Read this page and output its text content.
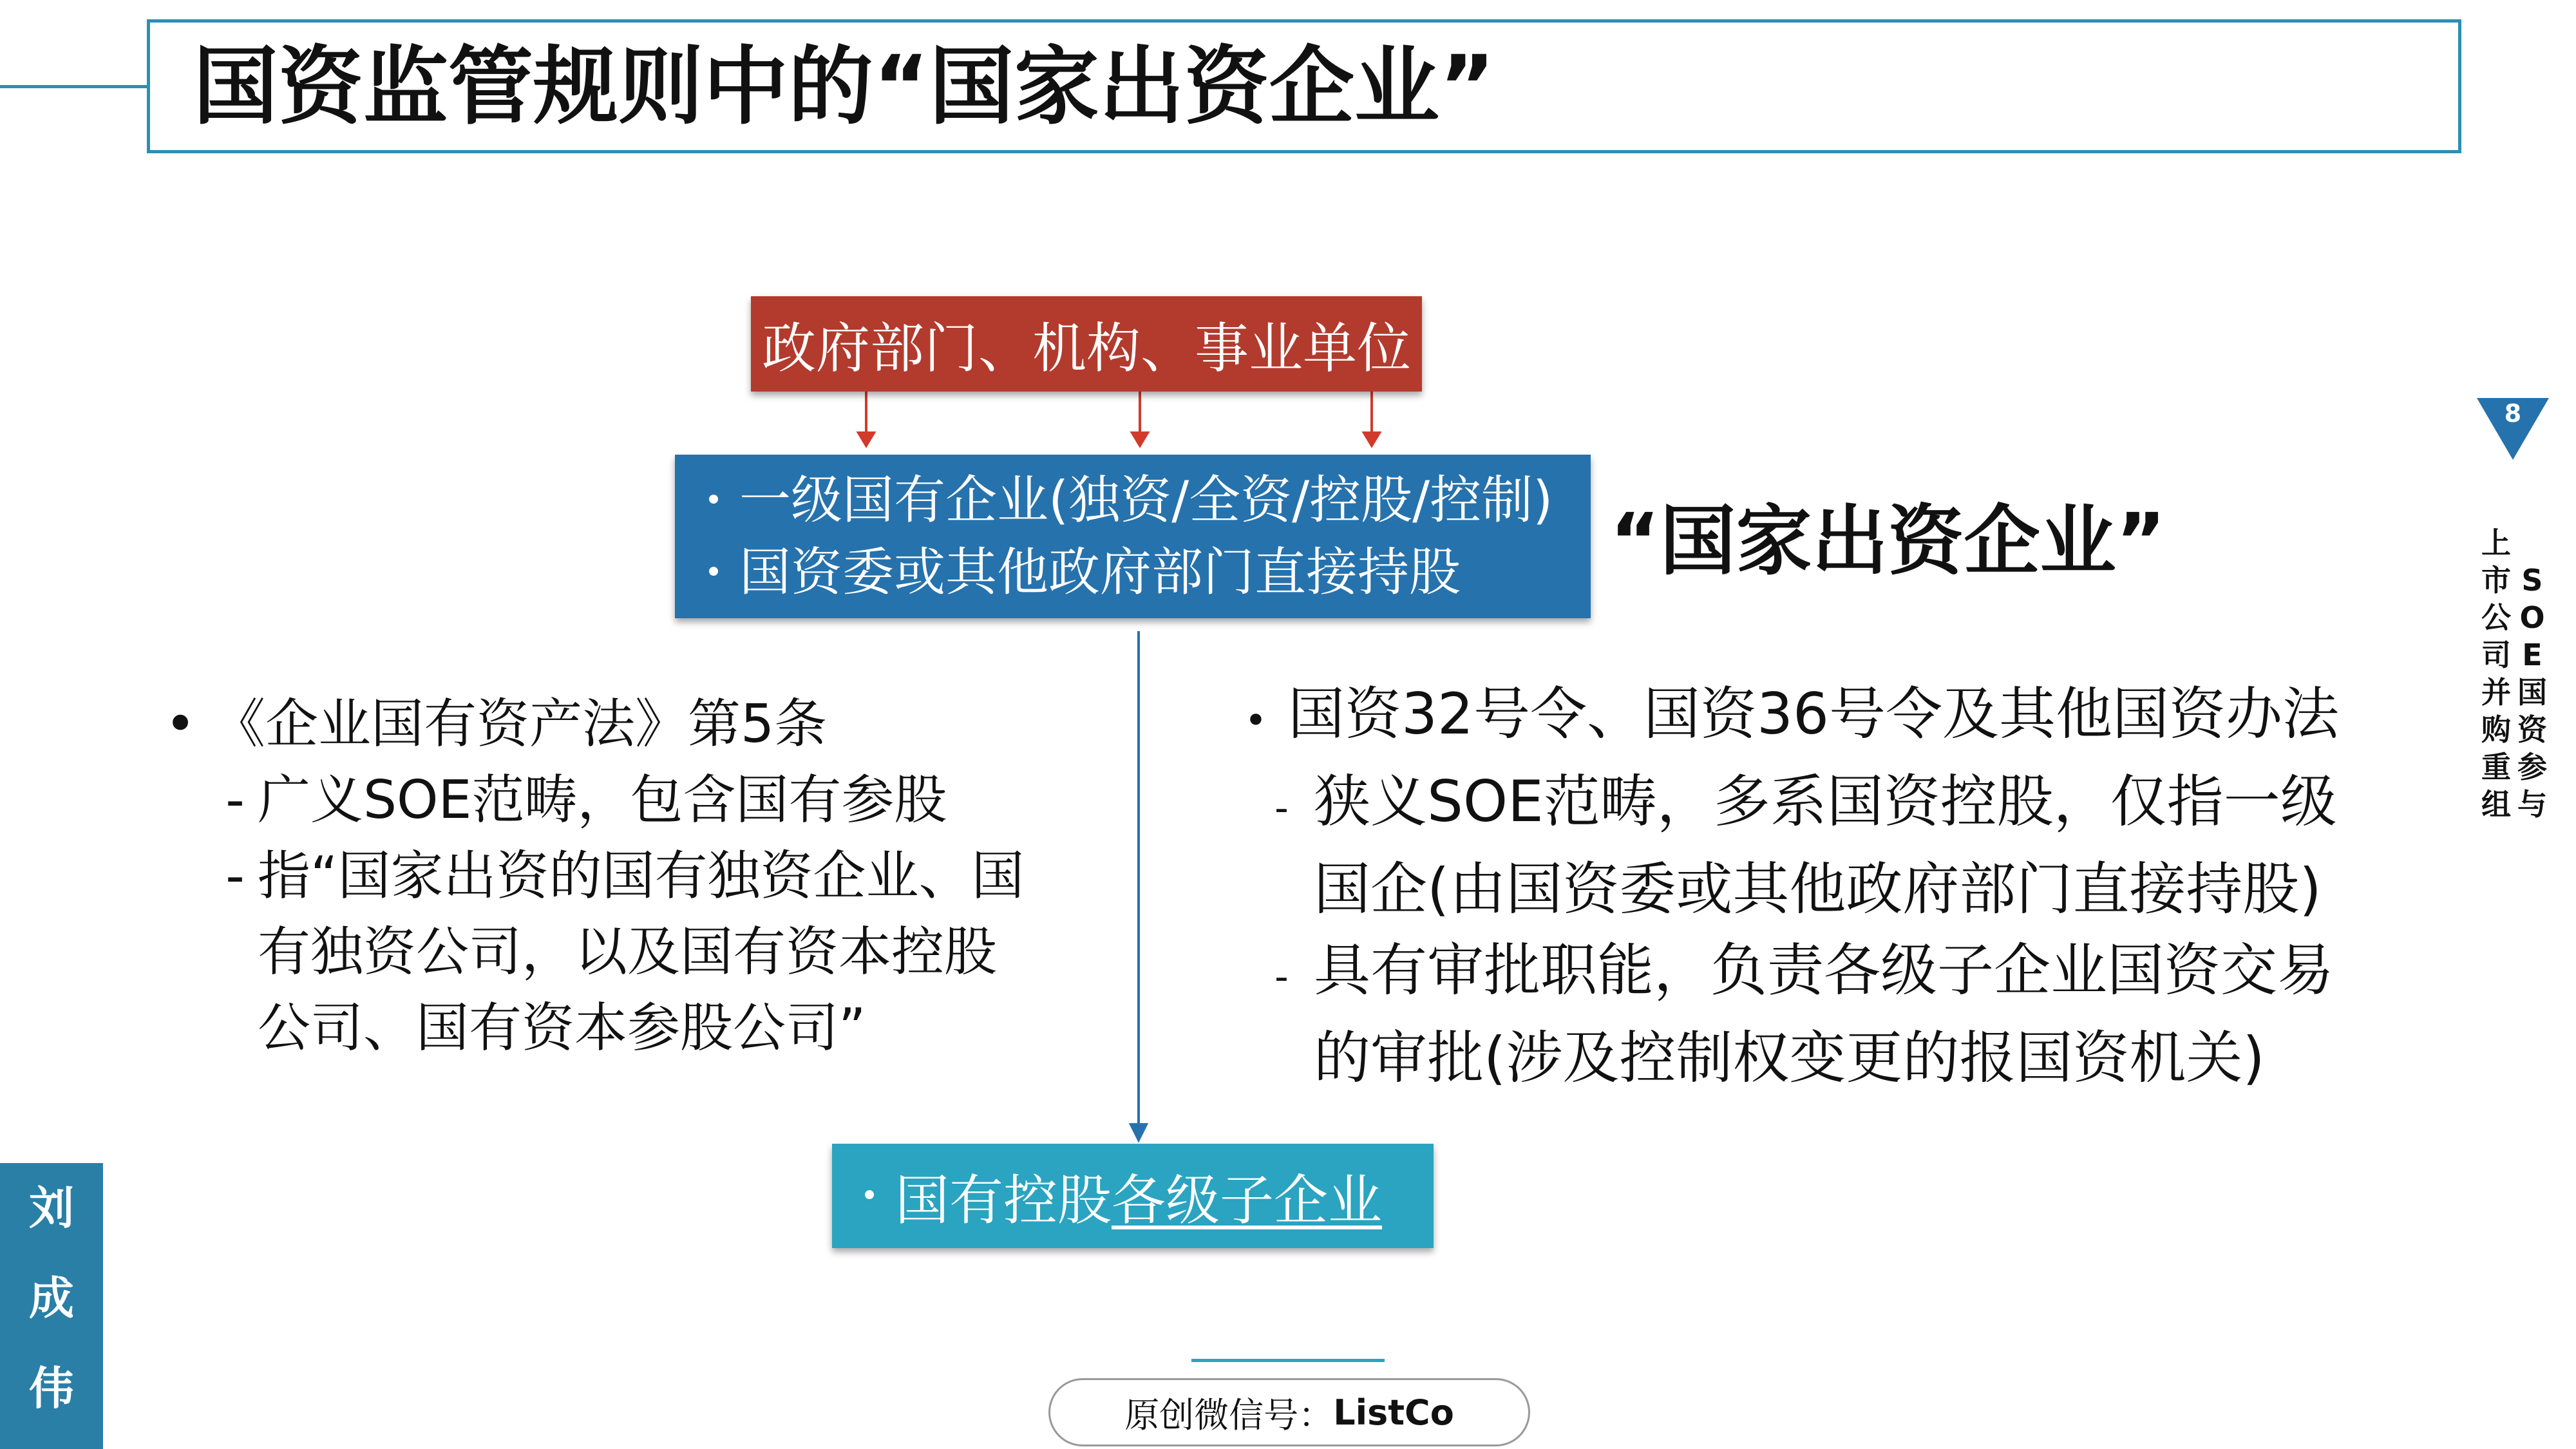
国资监管规则中的“国家出资企业”
政府部门、机构、事业单位
• 一级国有企业(独资/全资/控股/控制)
• 国资委或其他政府部门直接持股 “国家出资企业”
• 《企业国有资产法》第5条
- 广义SOE范畴，包含国有参股
- 指“国家出资的国有独资企业、国
有独资公司，以及国有资本控股
公司、国有资本参股公司”
• 国资32号令、国资36号令及其他国资办法
- 狭义SOE范畴，多系国资控股，仅指一级
国企(由国资委或其他政府部门直接持股)
- 具有审批职能，负责各级子企业国资交易
的审批(涉及控制权变更的报国资机关)
• 国有控股 各级子企业
8
S
O
E
国
资
参
与
上
市
公
司
并
购
重
组
刘
成
伟	原创微信号： ListCo
